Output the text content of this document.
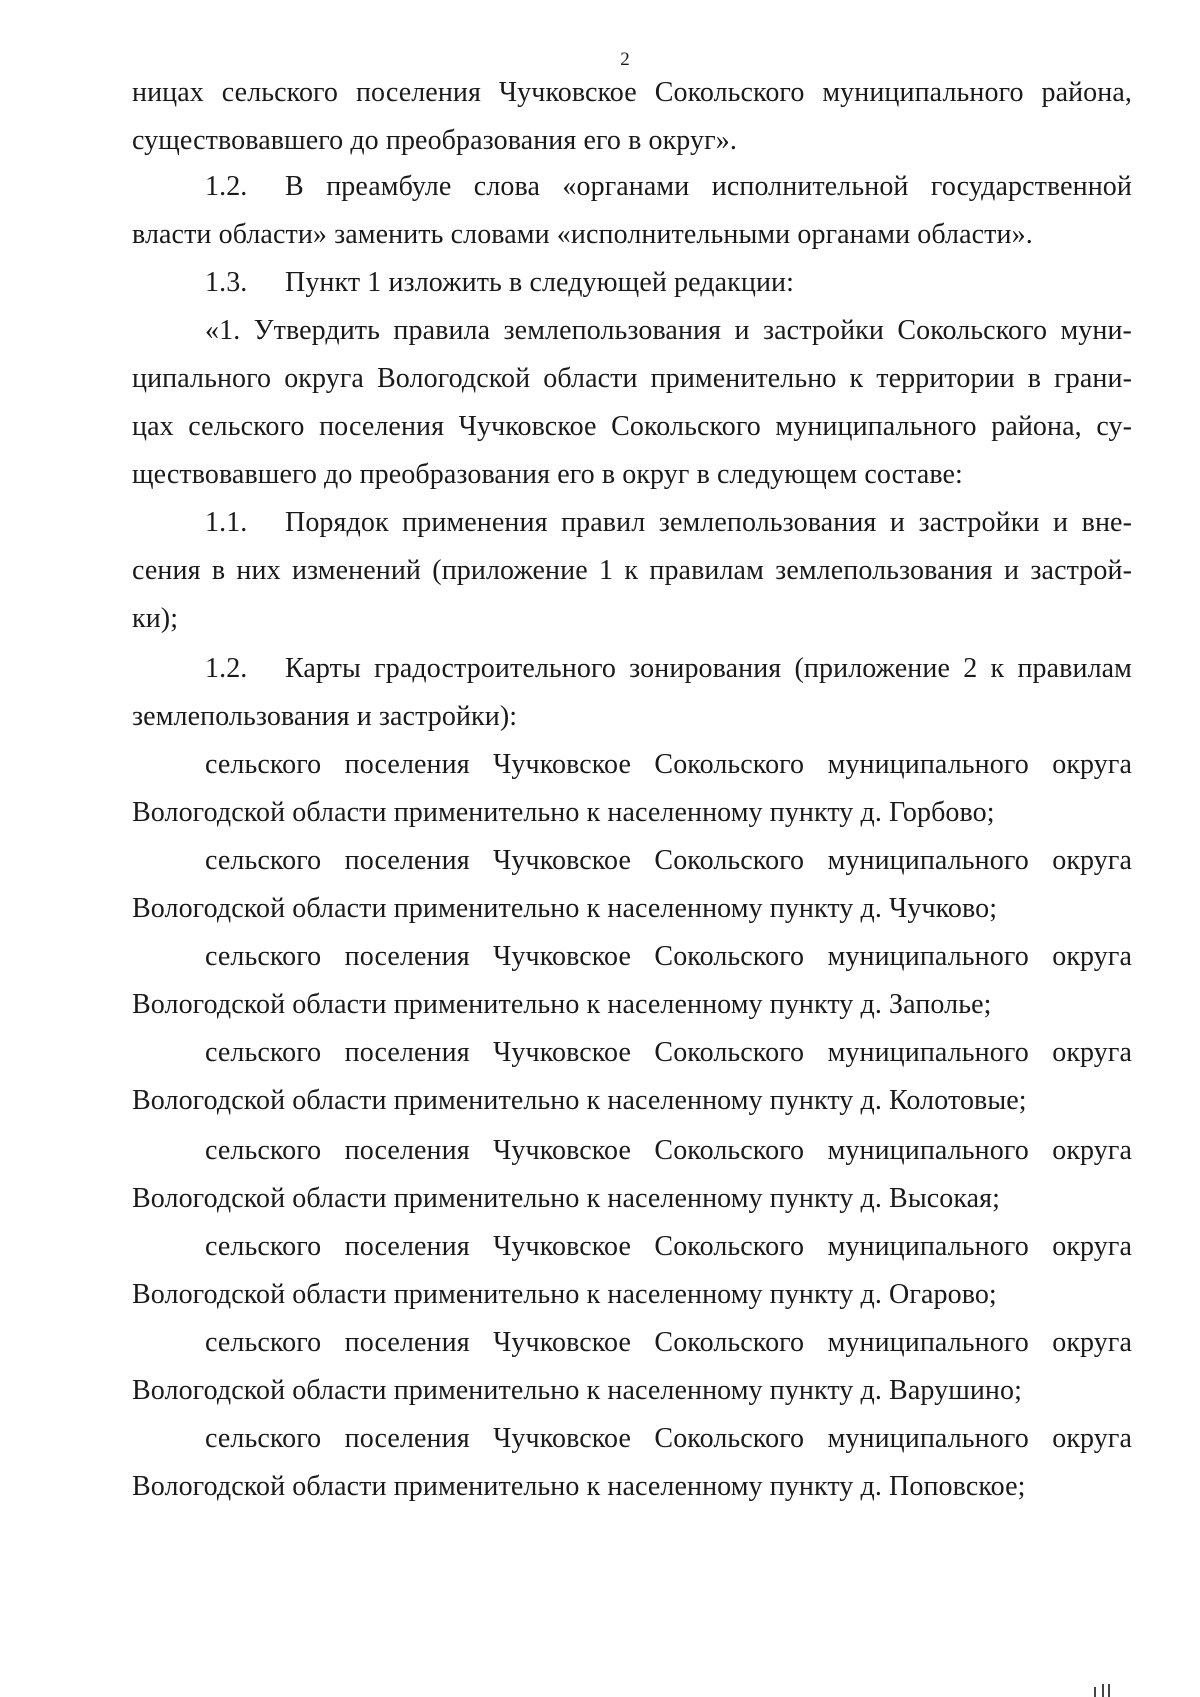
2
ницах сельского поселения Чучковское Сокольского муниципального района,
существовавшего до преобразования его в округ».
1.2. В преамбуле слова «органами исполнительной государственной
власти области» заменить словами «исполнительными органами области».
1.3. Пункт 1 изложить в следующей редакции:
«1. Утвердить правила землепользования и застройки Сокольского муни-
ципального округа Вологодской области применительно к территории в грани-
цах сельского поселения Чучковское Сокольского муниципального района, су-
ществовавшего до преобразования его в округ в следующем составе:
1.1. Порядок применения правил землепользования и застройки и вне-
сения в них изменений (приложение 1 к правилам землепользования и застрой-
ки);
1.2. Карты градостроительного зонирования (приложение 2 к правилам
землепользования и застройки):
сельского поселения Чучковское Сокольского муниципального округа
Вологодской области применительно к населенному пункту д. Горбово;
сельского поселения Чучковское Сокольского муниципального округа
Вологодской области применительно к населенному пункту д. Чучково;
сельского поселения Чучковское Сокольского муниципального округа
Вологодской области применительно к населенному пункту д. Заполье;
сельского поселения Чучковское Сокольского муниципального округа
Вологодской области применительно к населенному пункту д. Колотовые;
сельского поселения Чучковское Сокольского муниципального округа
Вологодской области применительно к населенному пункту д. Высокая;
сельского поселения Чучковское Сокольского муниципального округа
Вологодской области применительно к населенному пункту д. Огарово;
сельского поселения Чучковское Сокольского муниципального округа
Вологодской области применительно к населенному пункту д. Варушино;
сельского поселения Чучковское Сокольского муниципального округа
Вологодской области применительно к населенному пункту д. Поповское;
